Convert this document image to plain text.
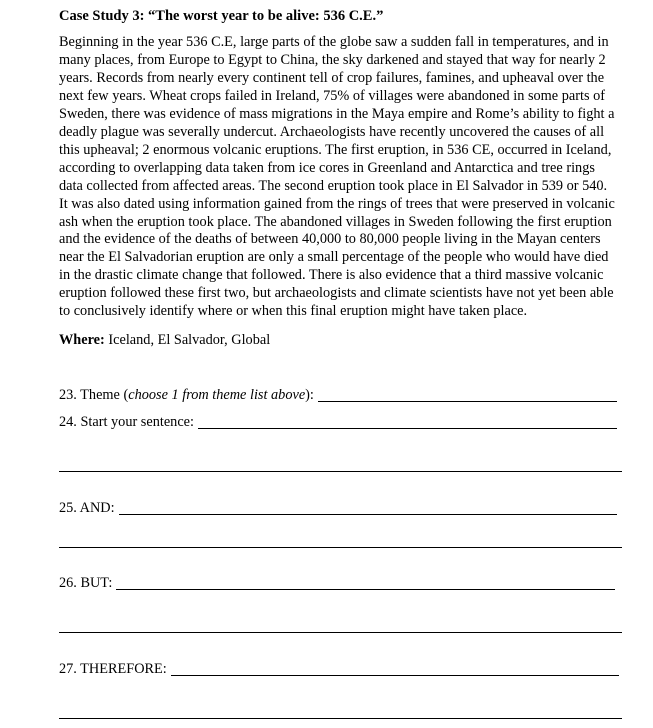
Case Study 3: “The worst year to be alive: 536 C.E.”

Beginning in the year 536 C.E, large parts of the globe saw a sudden fall in temperatures, and in
many places, from Europe to Egypt to China, the sky darkened and stayed that way for nearly 2
years. Records from nearly every continent tell of crop failures, famines, and upheaval over the
next few years. Wheat crops failed in Ireland, 75% of villages were abandoned in some parts of
Sweden, there was evidence of mass migrations in the Maya empire and Rome’s ability to fight a
deadly plague was severally undercut. Archaeologists have recently uncovered the causes of all
this upheaval; 2 enormous volcanic eruptions. The first eruption, in 536 CE, occurred in Iceland,
according to overlapping data taken from ice cores in Greenland and Antarctica and tree rings
data collected from affected areas. The second eruption took place in El Salvador in 539 or 540.
It was also dated using information gained from the rings of trees that were preserved in volcanic
ash when the eruption took place. The abandoned villages in Sweden following the first eruption
and the evidence of the deaths of between 40,000 to 80,000 people living in the Mayan centers
near the El Salvadorian eruption are only a small percentage of the people who would have died
in the drastic climate change that followed. There is also evidence that a third massive volcanic
eruption followed these first two, but archaeologists and climate scientists have not yet been able
to conclusively identify where or when this final eruption might have taken place.

Where: Iceland, El Salvador, Global

23. Theme (choose 1 from theme list above):
24. Start your sentence:
25. AND:
26. BUT:
27. THEREFORE:
